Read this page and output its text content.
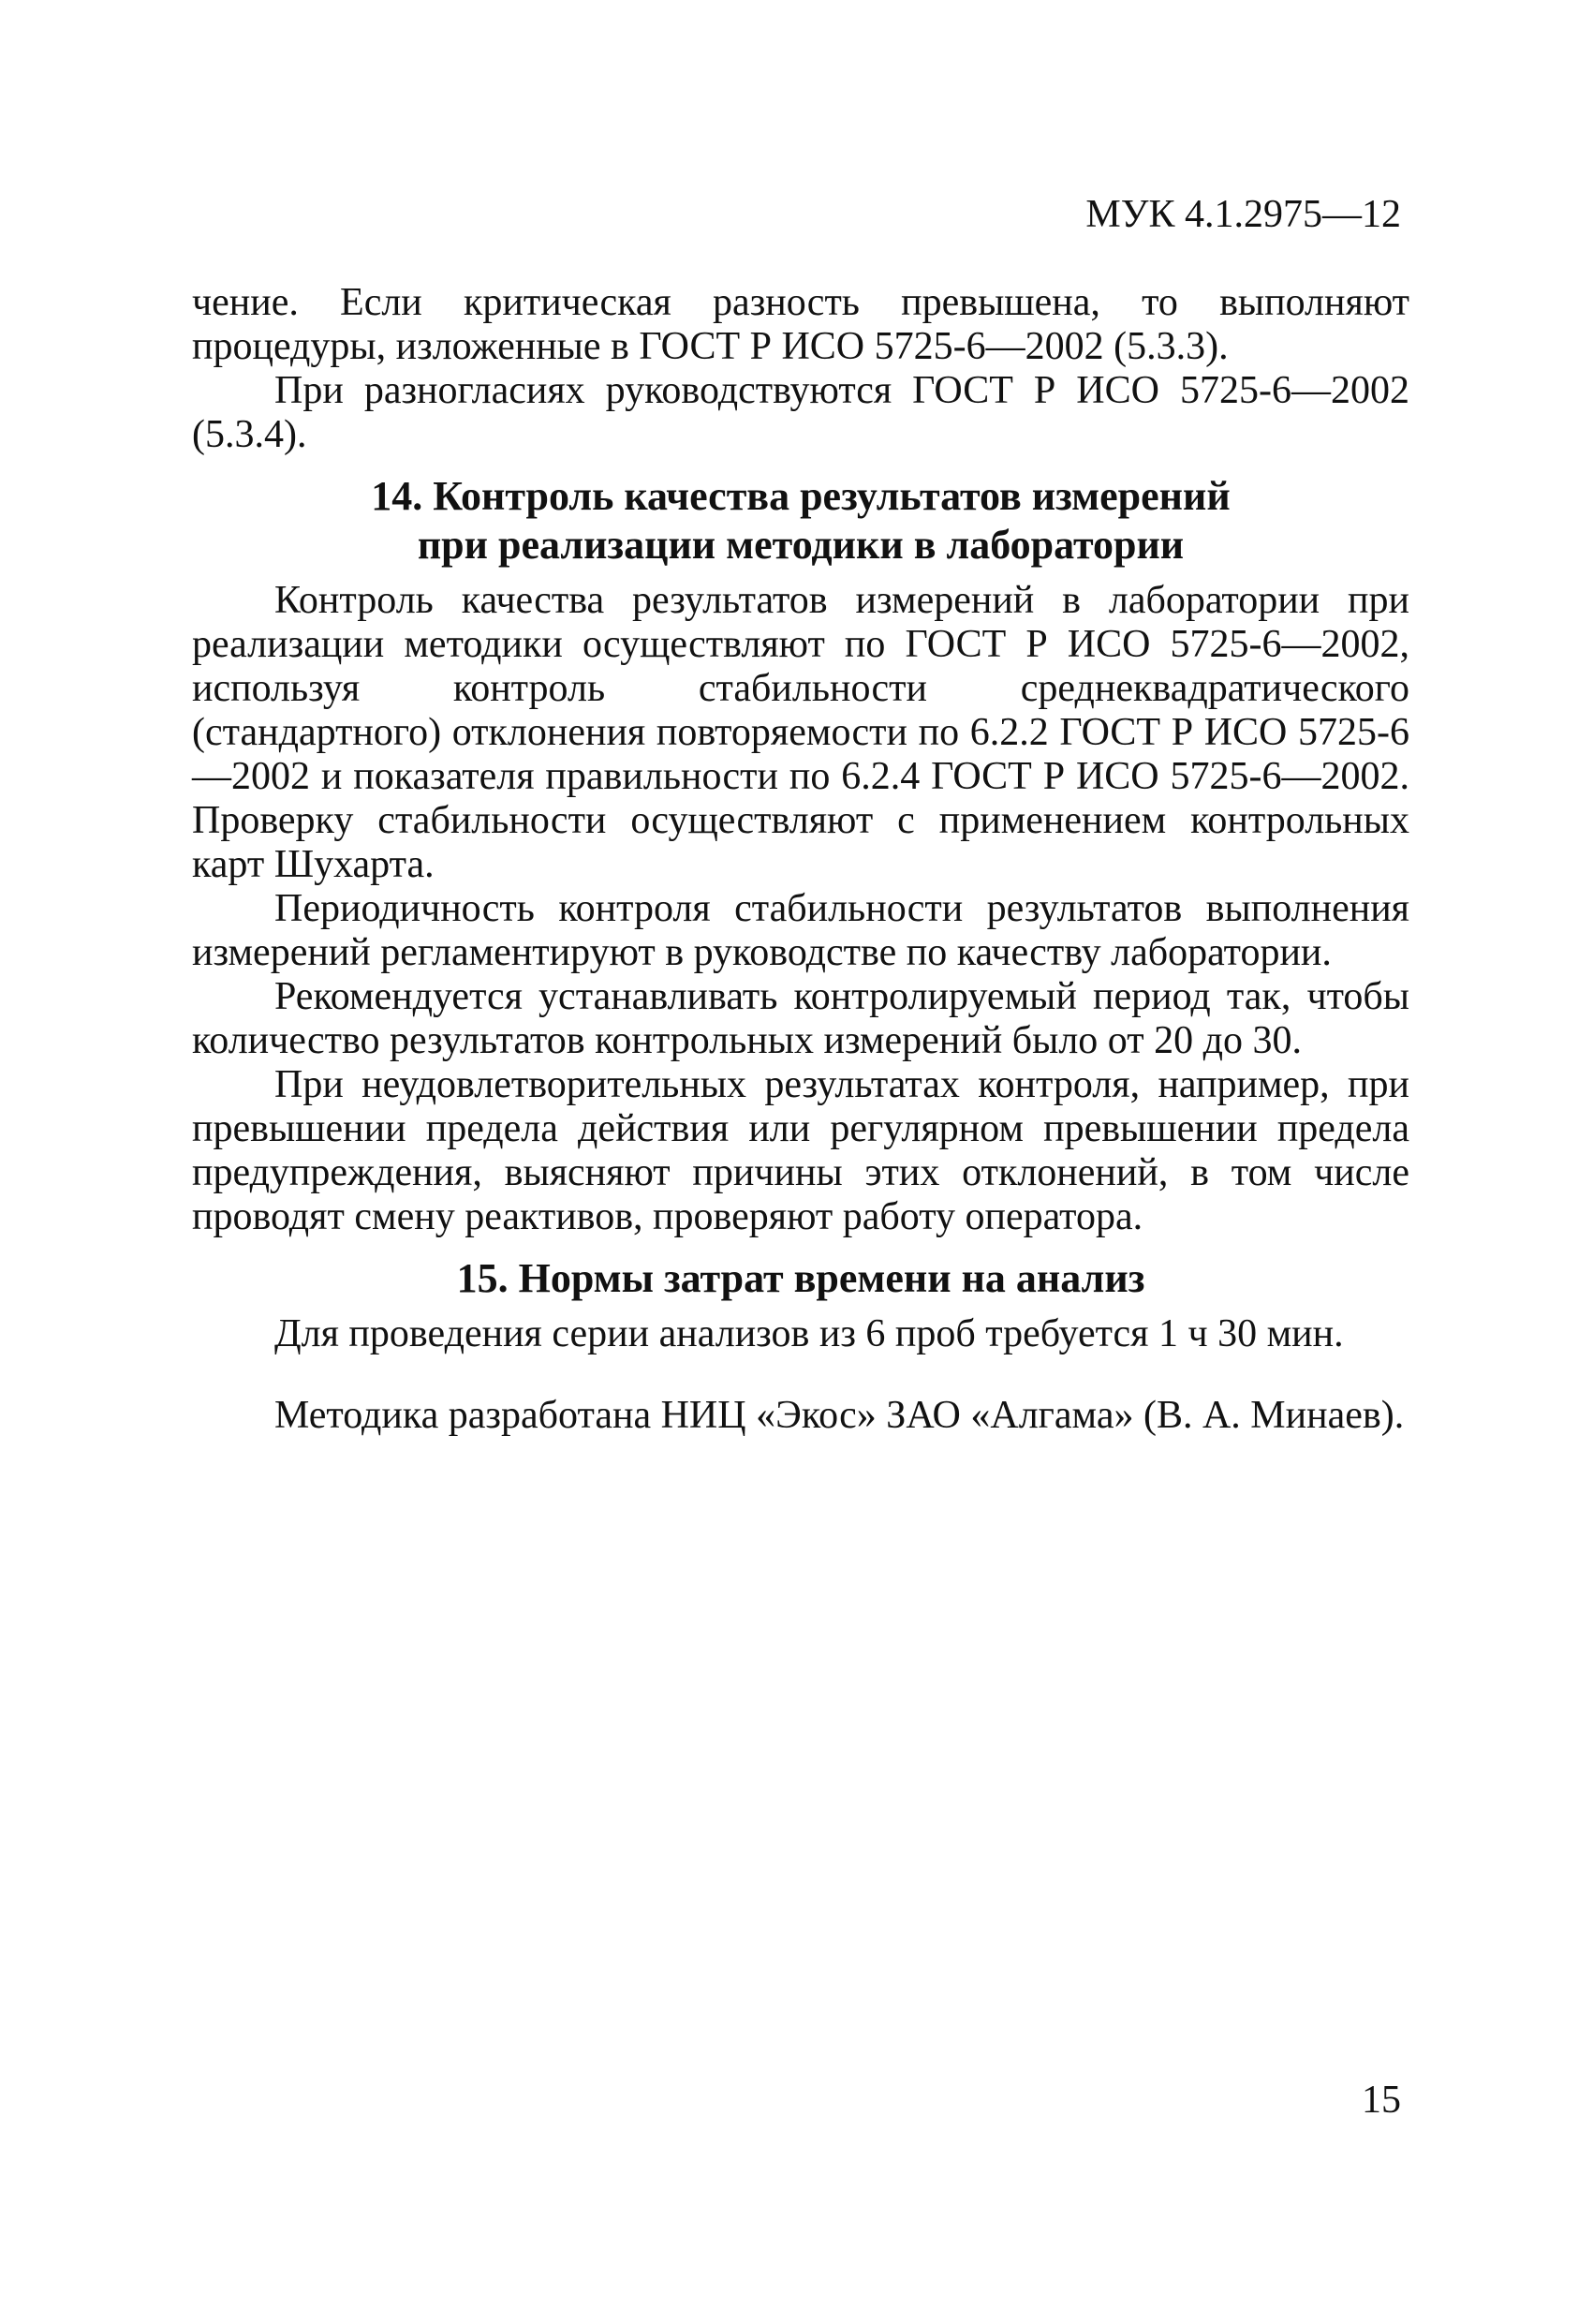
МУК 4.1.2975—12

чение. Если критическая разность превышена, то выполняют процедуры, изложенные в ГОСТ Р ИСО 5725-6—2002 (5.3.3).

При разногласиях руководствуются ГОСТ Р ИСО 5725-6—2002 (5.3.4).

14. Контроль качества результатов измерений
при реализации методики в лаборатории

Контроль качества результатов измерений в лаборатории при реализации методики осуществляют по ГОСТ Р ИСО 5725-6—2002, используя контроль стабильности среднеквадратического (стандартного) отклонения повторяемости по 6.2.2 ГОСТ Р ИСО 5725-6—2002 и показателя правильности по 6.2.4 ГОСТ Р ИСО 5725-6—2002. Проверку стабильности осуществляют с применением контрольных карт Шухарта.

Периодичность контроля стабильности результатов выполнения измерений регламентируют в руководстве по качеству лаборатории.

Рекомендуется устанавливать контролируемый период так, чтобы количество результатов контрольных измерений было от 20 до 30.

При неудовлетворительных результатах контроля, например, при превышении предела действия или регулярном превышении предела предупреждения, выясняют причины этих отклонений, в том числе проводят смену реактивов, проверяют работу оператора.

15. Нормы затрат времени на анализ

Для проведения серии анализов из 6 проб требуется 1 ч 30 мин.

Методика разработана НИЦ «Экос» ЗАО «Алгама» (В. А. Минаев).

15
